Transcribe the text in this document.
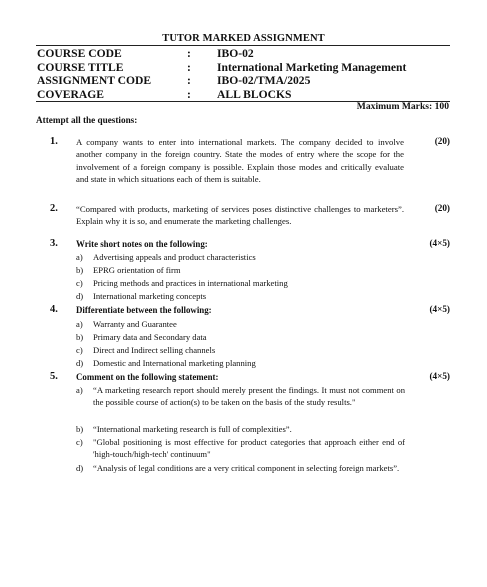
TUTOR MARKED ASSIGNMENT
COURSE CODE	: IBO-02
COURSE TITLE	: International Marketing Management
ASSIGNMENT CODE	: IBO-02/TMA/2025
COVERAGE	: ALL BLOCKS
Maximum Marks: 100
Attempt all the questions:
1. A company wants to enter into international markets. The company decided to involve another company in the foreign country. State the modes of entry where the scope for the involvement of a foreign company is possible. Explain those modes and critically evaluate and state in which situations each of them is suitable.
(20)
2. “Compared with products, marketing of services poses distinctive challenges to marketers”. Explain why it is so, and enumerate the marketing challenges.
(20)
3. Write short notes on the following:	(4×5)
a) Advertising appeals and product characteristics
b) EPRG orientation of firm
c) Pricing methods and practices in international marketing
d) International marketing concepts
4. Differentiate between the following:	(4×5)
a) Warranty and Guarantee
b) Primary data and Secondary data
c) Direct and Indirect selling channels
d) Domestic and International marketing planning
5. Comment on the following statement:	(4×5)
a) “A marketing research report should merely present the findings. It must not comment on the possible course of action(s) to be taken on the basis of the study results."
b) “International marketing research is full of complexities”.
c) "Global positioning is most effective for product categories that approach either end of 'high-touch/high-tech' continuum"
d) “Analysis of legal conditions are a very critical component in selecting foreign markets”.
